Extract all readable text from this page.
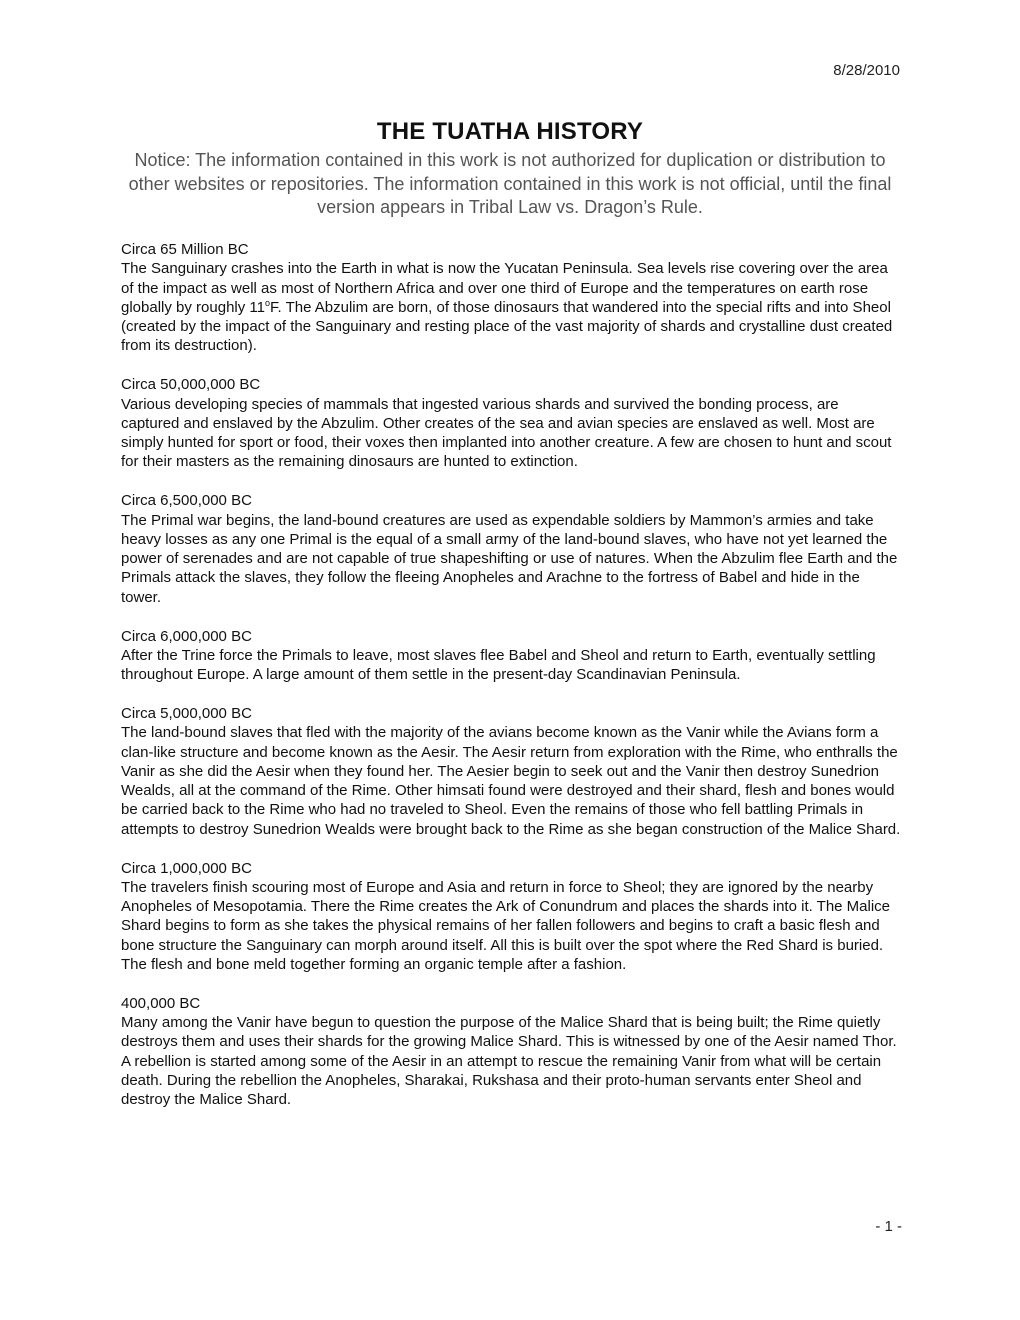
8/28/2010
THE TUATHA HISTORY
Notice: The information contained in this work is not authorized for duplication or distribution to other websites or repositories. The information contained in this work is not official, until the final version appears in Tribal Law vs. Dragon’s Rule.
Circa 65 Million BC
The Sanguinary crashes into the Earth in what is now the Yucatan Peninsula. Sea levels rise covering over the area of the impact as well as most of Northern Africa and over one third of Europe and the temperatures on earth rose globally by roughly 11$^o$F. The Abzulim are born, of those dinosaurs that wandered into the special rifts and into Sheol (created by the impact of the Sanguinary and resting place of the vast majority of shards and crystalline dust created from its destruction).
Circa 50,000,000 BC
Various developing species of mammals that ingested various shards and survived the bonding process, are captured and enslaved by the Abzulim. Other creates of the sea and avian species are enslaved as well. Most are simply hunted for sport or food, their voxes then implanted into another creature. A few are chosen to hunt and scout for their masters as the remaining dinosaurs are hunted to extinction.
Circa 6,500,000 BC
The Primal war begins, the land-bound creatures are used as expendable soldiers by Mammon’s armies and take heavy losses as any one Primal is the equal of a small army of the land-bound slaves, who have not yet learned the power of serenades and are not capable of true shapeshifting or use of natures. When the Abzulim flee Earth and the Primals attack the slaves, they follow the fleeing Anopheles and Arachne to the fortress of Babel and hide in the tower.
Circa 6,000,000 BC
After the Trine force the Primals to leave, most slaves flee Babel and Sheol and return to Earth, eventually settling throughout Europe. A large amount of them settle in the present-day Scandinavian Peninsula.
Circa 5,000,000 BC
The land-bound slaves that fled with the majority of the avians become known as the Vanir while the Avians form a clan-like structure and become known as the Aesir. The Aesir return from exploration with the Rime, who enthralls the Vanir as she did the Aesir when they found her. The Aesier begin to seek out and the Vanir then destroy Sunedrion Wealds, all at the command of the Rime. Other himsati found were destroyed and their shard, flesh and bones would be carried back to the Rime who had no traveled to Sheol. Even the remains of those who fell battling Primals in attempts to destroy Sunedrion Wealds were brought back to the Rime as she began construction of the Malice Shard.
Circa 1,000,000 BC
The travelers finish scouring most of Europe and Asia and return in force to Sheol; they are ignored by the nearby Anopheles of Mesopotamia. There the Rime creates the Ark of Conundrum and places the shards into it. The Malice Shard begins to form as she takes the physical remains of her fallen followers and begins to craft a basic flesh and bone structure the Sanguinary can morph around itself. All this is built over the spot where the Red Shard is buried. The flesh and bone meld together forming an organic temple after a fashion.
400,000 BC
Many among the Vanir have begun to question the purpose of the Malice Shard that is being built; the Rime quietly destroys them and uses their shards for the growing Malice Shard. This is witnessed by one of the Aesir named Thor. A rebellion is started among some of the Aesir in an attempt to rescue the remaining Vanir from what will be certain death. During the rebellion the Anopheles, Sharakai, Rukshasa and their proto-human servants enter Sheol and destroy the Malice Shard.
- 1 -
